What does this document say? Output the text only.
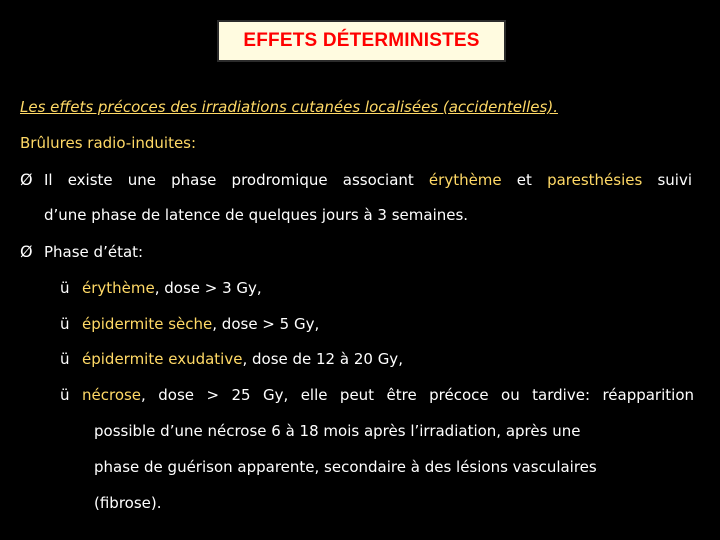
EFFETS DÉTERMINISTES
Les effets précoces des irradiations cutanées localisées (accidentelles).
Brûlures radio-induites:
Ø Il existe une phase prodromique associant érythème et paresthésies suivi
d’une phase de latence de quelques jours à 3 semaines.
Ø Phase d’état:
ü érythème, dose > 3 Gy,
ü épidermite sèche, dose > 5 Gy,
ü épidermite exudative, dose de 12 à 20 Gy,
ü nécrose, dose > 25 Gy, elle peut être précoce ou tardive: réapparition
possible d’une nécrose 6 à 18 mois après l’irradiation, après une
phase de guérison apparente, secondaire à des lésions vasculaires
(fibrose).
